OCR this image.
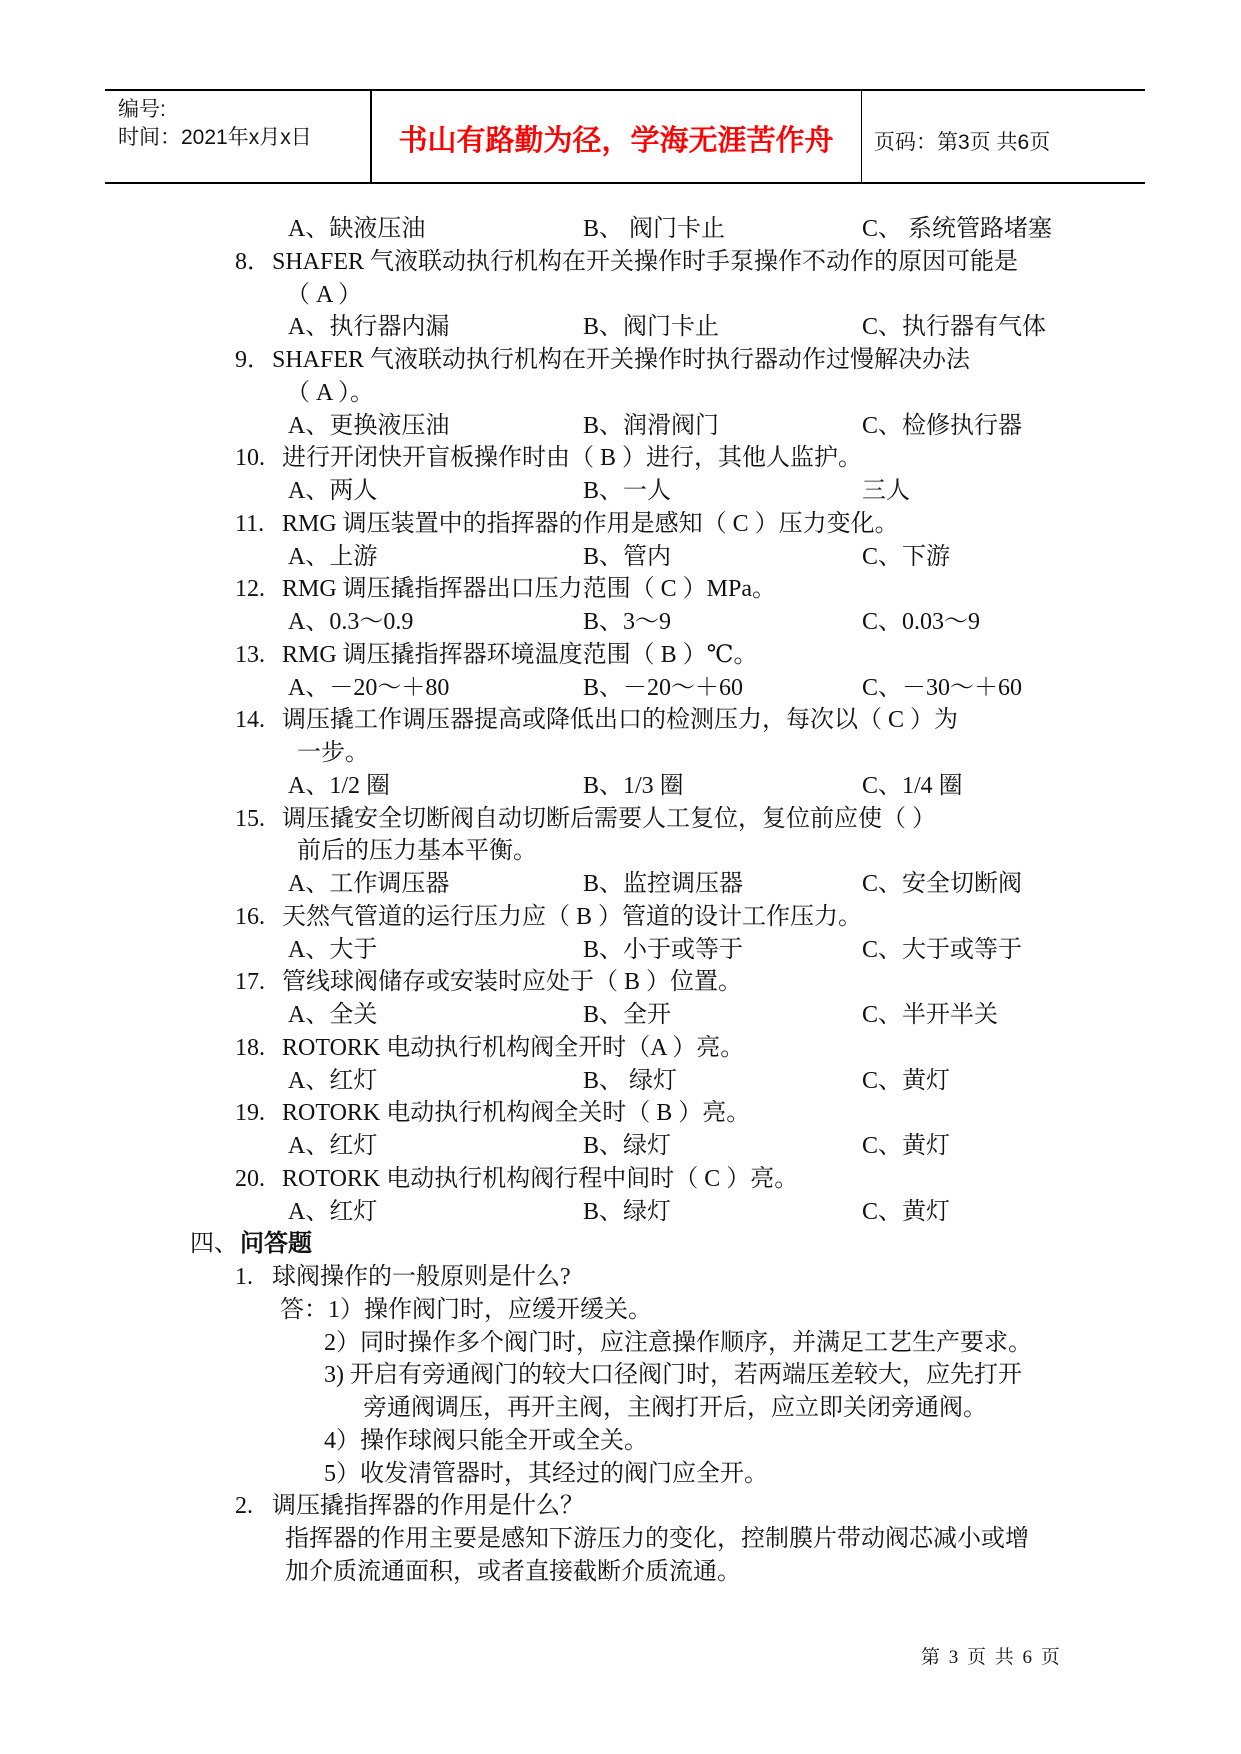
编号:
时间：2021年x月x日	书山有路勤为径，学海无涯苦作舟	页码：第3页 共6页
A、缺液压油	B、 阀门卡止	C、 系统管路堵塞
8． SHAFER 气液联动执行机构在开关操作时手泵操作不动作的原因可能是
（ A ）
A、执行器内漏	B、阀门卡止	C、执行器有气体
9． SHAFER 气液联动执行机构在开关操作时执行器动作过慢解决办法
（ A ）。
A、更换液压油	B、润滑阀门	C、检修执行器
10. 进行开闭快开盲板操作时由（ B ）进行，其他人监护。
A、两人	B、一人	三人
11. RMG 调压装置中的指挥器的作用是感知（ C ）压力变化。
A、上游	B、管内	C、下游
12. RMG 调压撬指挥器出口压力范围（ C ）MPa。
A、0.3～0.9	B、3～9	C、0.03～9
13. RMG 调压撬指挥器环境温度范围（ B ）℃。
A、－20～＋80	B、－20～＋60	C、－30～＋60
14. 调压撬工作调压器提高或降低出口的检测压力，每次以（ C ）为
一步。
A、1/2 圈	B、1/3 圈	C、1/4 圈
15. 调压撬安全切断阀自动切断后需要人工复位，复位前应使（ ）
前后的压力基本平衡。
A、工作调压器	B、监控调压器	C、安全切断阀
16. 天然气管道的运行压力应（ B ）管道的设计工作压力。
A、大于	B、小于或等于	C、大于或等于
17. 管线球阀储存或安装时应处于（ B ）位置。
A、全关	B、全开	C、半开半关
18. ROTORK 电动执行机构阀全开时（A ）亮。
A、红灯	B、 绿灯	C、黄灯
19. ROTORK 电动执行机构阀全关时（ B ）亮。
A、红灯	B、绿灯	C、黄灯
20. ROTORK 电动执行机构阀行程中间时（ C ）亮。
A、红灯	B、绿灯	C、黄灯
四、 问答题
1. 球阀操作的一般原则是什么?
答：1）操作阀门时，应缓开缓关。
2）同时操作多个阀门时，应注意操作顺序，并满足工艺生产要求。
3) 开启有旁通阀门的较大口径阀门时，若两端压差较大，应先打开
旁通阀调压，再开主阀，主阀打开后，应立即关闭旁通阀。
4）操作球阀只能全开或全关。
5）收发清管器时，其经过的阀门应全开。
2. 调压撬指挥器的作用是什么？
指挥器的作用主要是感知下游压力的变化，控制膜片带动阀芯减小或增
加介质流通面积，或者直接截断介质流通。
第 3 页 共 6 页
